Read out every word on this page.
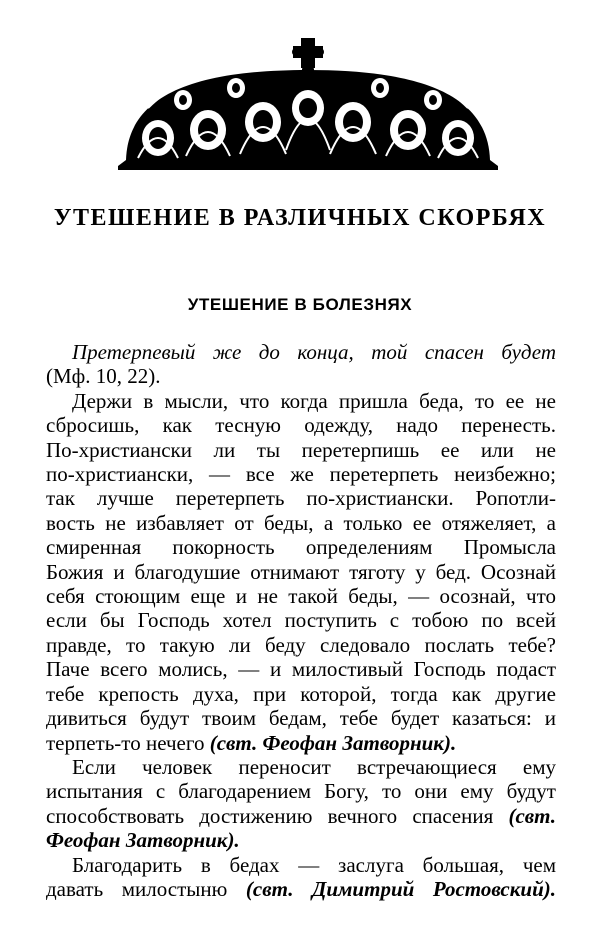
УТЕШЕНИЕ В РАЗЛИЧНЫХ СКОРБЯХ
УТЕШЕНИЕ В БОЛЕЗНЯХ
Претерпевый же до конца, той спасен будет
(Мф. 10, 22).
Держи в мысли, что когда пришла беда, то ее не
сбросишь, как тесную одежду, надо перенесть.
По-христиански ли ты перетерпишь ее или не
по-христиански, — все же перетерпеть неизбежно;
так лучше перетерпеть по-христиански. Ропотли-
вость не избавляет от беды, а только ее отяжеляет, а
смиренная покорность определениям Промысла
Божия и благодушие отнимают тяготу у бед. Осознай
себя стоющим еще и не такой беды, — осознай, что
если бы Господь хотел поступить с тобою по всей
правде, то такую ли беду следовало послать тебе?
Паче всего молись, — и милостивый Господь подаст
тебе крепость духа, при которой, тогда как другие
дивиться будут твоим бедам, тебе будет казаться: и
терпеть-то нечего (свт. Феофан Затворник).
Если человек переносит встречающиеся ему
испытания с благодарением Богу, то они ему будут
способствовать достижению вечного спасения (свт.
Феофан Затворник).
Благодарить в бедах — заслуга большая, чем
давать милостыню (свт. Димитрий Ростовский).
